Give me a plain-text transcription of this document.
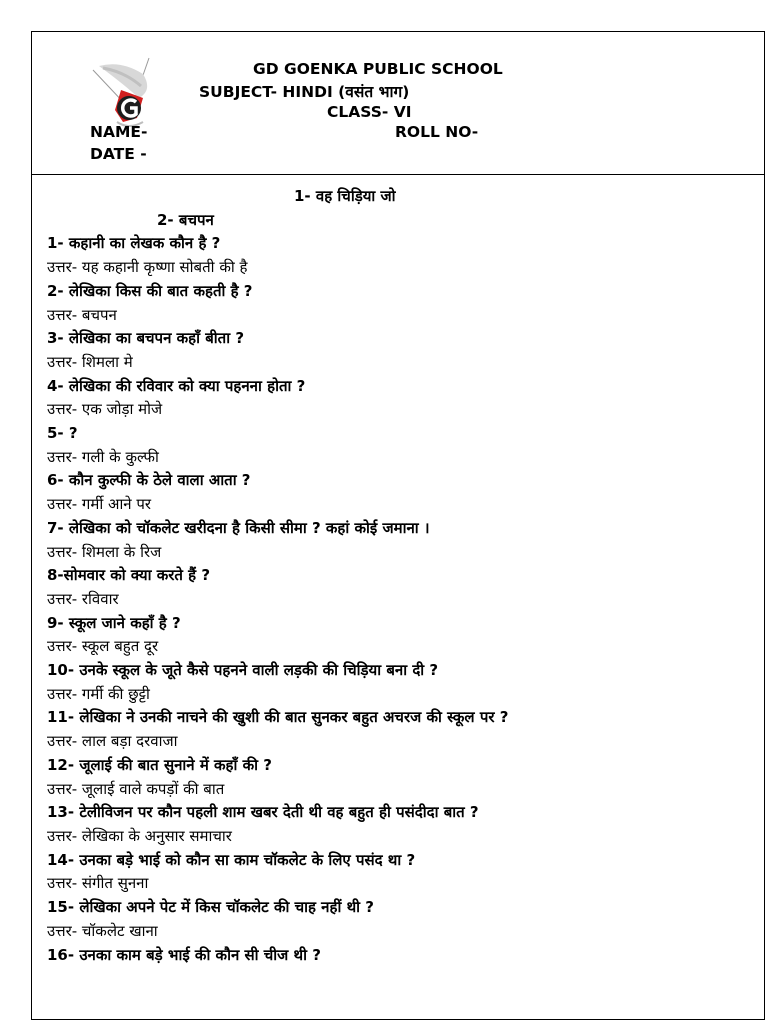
GD GOENKA PUBLIC SCHOOL
SUBJECT- HINDI (वसंत भाग)
CLASS- VI
NAME-	ROLL NO-
DATE -
1- वह चिड़िया जो
2- बचपन
1- कहानी का लेखक कौन है ?
उत्तर- यह कहानी कृष्णा सोबती की है
2- लेखिका किस की बात कहती है ?
उत्तर- बचपन
3- लेखिका का बचपन कहाँ बीता ?
उत्तर- शिमला मे
4- लेखिका की रविवार को क्या पहनना होता ?
उत्तर- एक जोड़ा मोजे
5- ?
उत्तर- गली के कुल्फी
6- कौन कुल्फी के ठेले वाला आता ?
उत्तर- गर्मी आने पर
7- लेखिका को चॉकलेट खरीदना है किसी सीमा ? कहां कोई जमाना ।
उत्तर- शिमला के रिज
8-सोमवार को क्या करते हैं ?
उत्तर- रविवार
9- स्कूल जाने कहाँ है ?
उत्तर- स्कूल बहुत दूर
10- उनके स्कूल के जूते कैसे पहनने वाली लड़की की चिड़िया बना दी ?
उत्तर- गर्मी की छुट्टी
11- लेखिका ने उनकी नाचने की खुशी की बात सुनकर बहुत अचरज की स्कूल पर ?
उत्तर- लाल बड़ा दरवाजा
12- जूलाई की बात सुनाने में कहाँ की ?
उत्तर- जूलाई वाले कपड़ों की बात
13- टेलीविजन पर कौन पहली शाम खबर देती थी वह बहुत ही पसंदीदा बात ?
उत्तर- लेखिका के अनुसार समाचार
14- उनका बड़े भाई को कौन सा काम चॉकलेट के लिए पसंद था ?
उत्तर- संगीत सुनना
15- लेखिका अपने पेट में किस चॉकलेट की चाह नहीं थी ?
उत्तर- चॉकलेट खाना
16- उनका काम बड़े भाई की कौन सी चीज थी ?
